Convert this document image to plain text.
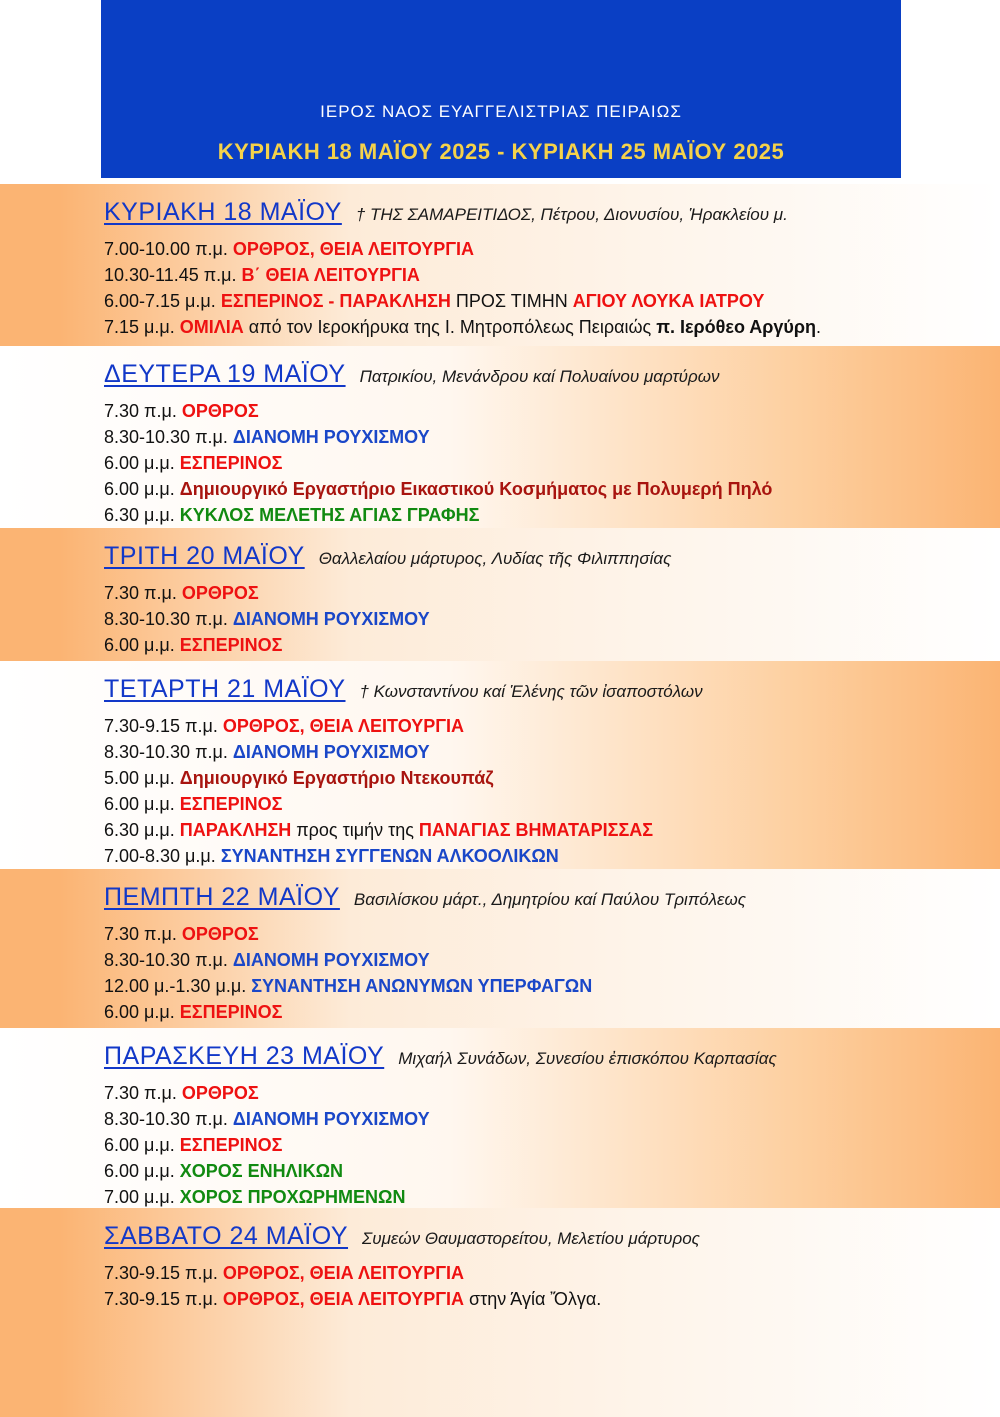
ΙΕΡΟΣ ΝΑΟΣ ΕΥΑΓΓΕΛΙΣΤΡΙΑΣ ΠΕΙΡΑΙΩΣ
ΚΥΡΙΑΚΗ 18 ΜΑΪΟΥ 2025 - ΚΥΡΙΑΚΗ 25 ΜΑΪΟΥ 2025
ΚΥΡΙΑΚΗ 18 ΜΑΪΟΥ † ΤΗΣ ΣΑΜΑΡΕΙΤΙΔΟΣ, Πέτρου, Διονυσίου, Ἡρακλείου μ.
7.00-10.00 π.μ. ΟΡΘΡΟΣ, ΘΕΙΑ ΛΕΙΤΟΥΡΓΙΑ
10.30-11.45 π.μ. Β΄ ΘΕΙΑ ΛΕΙΤΟΥΡΓΙΑ
6.00-7.15 μ.μ. ΕΣΠΕΡΙΝΟΣ - ΠΑΡΑΚΛΗΣΗ ΠΡΟΣ ΤΙΜΗΝ ΑΓΙΟΥ ΛΟΥΚΑ ΙΑΤΡΟΥ
7.15 μ.μ. ΟΜΙΛΙΑ από τον Ιεροκήρυκα της Ι. Μητροπόλεως Πειραιώς π. Ιερόθεο Αργύρη.
ΔΕΥΤΕΡΑ 19 ΜΑΪΟΥ Πατρικίου, Μενάνδρου καί Πολυαίνου μαρτύρων
7.30 π.μ. ΟΡΘΡΟΣ
8.30-10.30 π.μ. ΔΙΑΝΟΜΗ ΡΟΥΧΙΣΜΟΥ
6.00 μ.μ. ΕΣΠΕΡΙΝΟΣ
6.00 μ.μ. Δημιουργικό Εργαστήριο Εικαστικού Κοσμήματος με Πολυμερή Πηλό
6.30 μ.μ. ΚΥΚΛΟΣ ΜΕΛΕΤΗΣ ΑΓΙΑΣ ΓΡΑΦΗΣ
ΤΡΙΤΗ 20 ΜΑΪΟΥ Θαλλελαίου μάρτυρος, Λυδίας τῆς Φιλιππησίας
7.30 π.μ. ΟΡΘΡΟΣ
8.30-10.30 π.μ. ΔΙΑΝΟΜΗ ΡΟΥΧΙΣΜΟΥ
6.00 μ.μ. ΕΣΠΕΡΙΝΟΣ
ΤΕΤΑΡΤΗ 21 ΜΑΪΟΥ † Κωνσταντίνου καί Ἑλένης τῶν ἰσαποστόλων
7.30-9.15 π.μ. ΟΡΘΡΟΣ, ΘΕΙΑ ΛΕΙΤΟΥΡΓΙΑ
8.30-10.30 π.μ. ΔΙΑΝΟΜΗ ΡΟΥΧΙΣΜΟΥ
5.00 μ.μ. Δημιουργικό Εργαστήριο Ντεκουπάζ
6.00 μ.μ. ΕΣΠΕΡΙΝΟΣ
6.30 μ.μ. ΠΑΡΑΚΛΗΣΗ προς τιμήν της ΠΑΝΑΓΙΑΣ ΒΗΜΑΤΑΡΙΣΣΑΣ
7.00-8.30 μ.μ. ΣΥΝΑΝΤΗΣΗ ΣΥΓΓΕΝΩΝ ΑΛΚΟΟΛΙΚΩΝ
ΠΕΜΠΤΗ 22 ΜΑΪΟΥ Βασιλίσκου μάρτ., Δημητρίου καί Παύλου Τριπόλεως
7.30 π.μ. ΟΡΘΡΟΣ
8.30-10.30 π.μ. ΔΙΑΝΟΜΗ ΡΟΥΧΙΣΜΟΥ
12.00 μ.-1.30 μ.μ. ΣΥΝΑΝΤΗΣΗ ΑΝΩΝΥΜΩΝ ΥΠΕΡΦΑΓΩΝ
6.00 μ.μ. ΕΣΠΕΡΙΝΟΣ
ΠΑΡΑΣΚΕΥΗ 23 ΜΑΪΟΥ Μιχαήλ Συνάδων, Συνεσίου ἐπισκόπου Καρπασίας
7.30 π.μ. ΟΡΘΡΟΣ
8.30-10.30 π.μ. ΔΙΑΝΟΜΗ ΡΟΥΧΙΣΜΟΥ
6.00 μ.μ. ΕΣΠΕΡΙΝΟΣ
6.00 μ.μ. ΧΟΡΟΣ ΕΝΗΛΙΚΩΝ
7.00 μ.μ. ΧΟΡΟΣ ΠΡΟΧΩΡΗΜΕΝΩΝ
ΣΑΒΒΑΤΟ 24 ΜΑΪΟΥ Συμεών Θαυμαστορείτου, Μελετίου μάρτυρος
7.30-9.15 π.μ. ΟΡΘΡΟΣ, ΘΕΙΑ ΛΕΙΤΟΥΡΓΙΑ
7.30-9.15 π.μ. ΟΡΘΡΟΣ, ΘΕΙΑ ΛΕΙΤΟΥΡΓΙΑ στην Άγία Ὄλγα.
